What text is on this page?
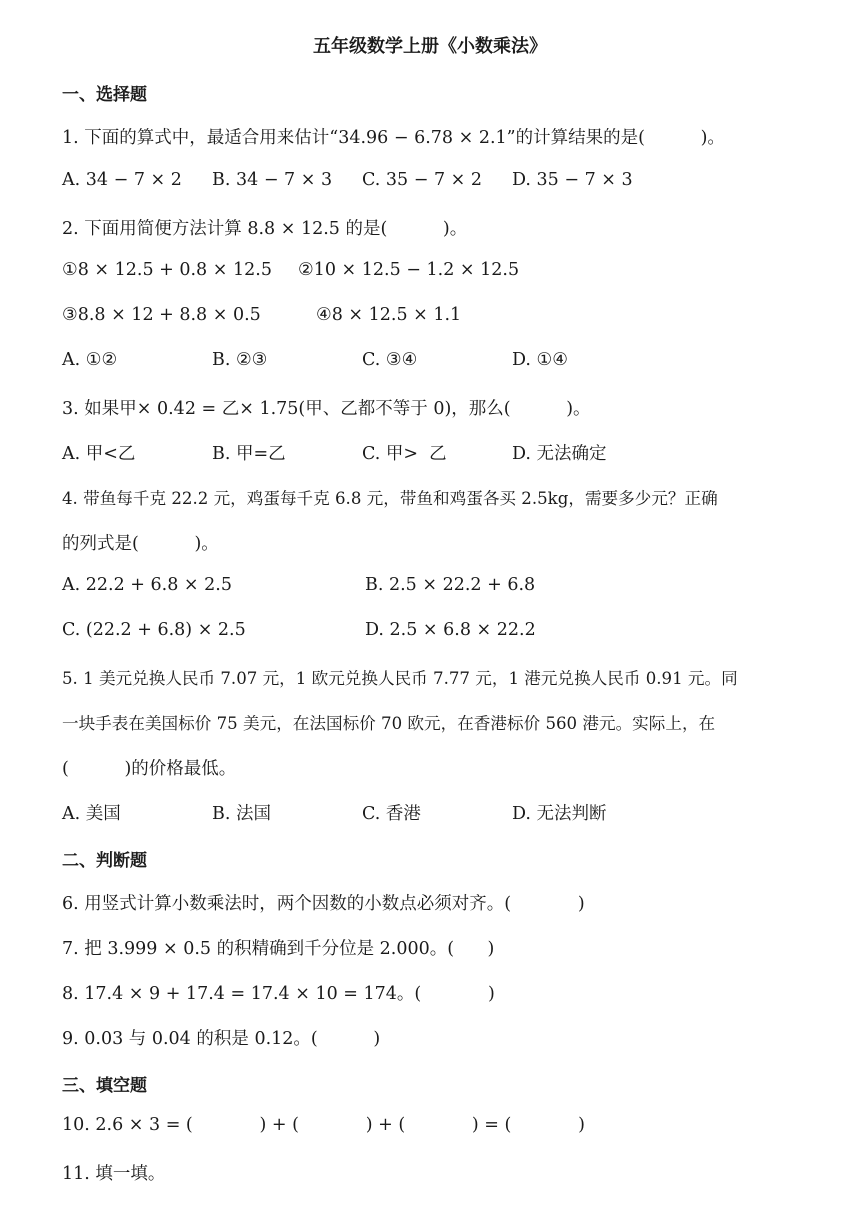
五年级数学上册《小数乘法》
一、选择题
1. 下面的算式中，最适合用来估计“34.96 − 6.78 × 2.1”的计算结果的是(          )。
A. 34 − 7 × 2 B. 34 − 7 × 3 C. 35 − 7 × 2 D. 35 − 7 × 3
2. 下面用简便方法计算 8.8 × 12.5 的是(          )。
①8 × 12.5 + 0.8 × 12.5 ②10 × 12.5 − 1.2 × 12.5
③8.8 × 12 + 8.8 × 0.5	④8 × 12.5 × 1.1
A. ①②	B. ②③	C. ③④	D. ①④
3. 如果甲× 0.42 = 乙× 1.75(甲、乙都不等于 0)，那么(          )。
A. 甲<乙	B. 甲=乙	C. 甲>  乙	D. 无法确定
4. 带鱼每千克 22.2 元，鸡蛋每千克 6.8 元，带鱼和鸡蛋各买 2.5kg，需要多少元？正确
的列式是(          )。
A. 22.2 + 6.8 × 2.5	B. 2.5 × 22.2 + 6.8
C. (22.2 + 6.8) × 2.5	D. 2.5 × 6.8 × 22.2
5. 1 美元兑换人民币 7.07 元，1 欧元兑换人民币 7.77 元，1 港元兑换人民币 0.91 元。同
一块手表在美国标价 75 美元，在法国标价 70 欧元，在香港标价 560 港元。实际上，在
(          )的价格最低。
A. 美国	B. 法国	C. 香港	D. 无法判断
二、判断题
6. 用竖式计算小数乘法时，两个因数的小数点必须对齐。(            )
7. 把 3.999 × 0.5 的积精确到千分位是 2.000。(      )
8. 17.4 × 9 + 17.4 = 17.4 × 10 = 174。(            )
9. 0.03 与 0.04 的积是 0.12。(          )
三、填空题
10. 2.6 × 3 = (            ) + (            ) + (            ) = (            )
11. 填一填。
